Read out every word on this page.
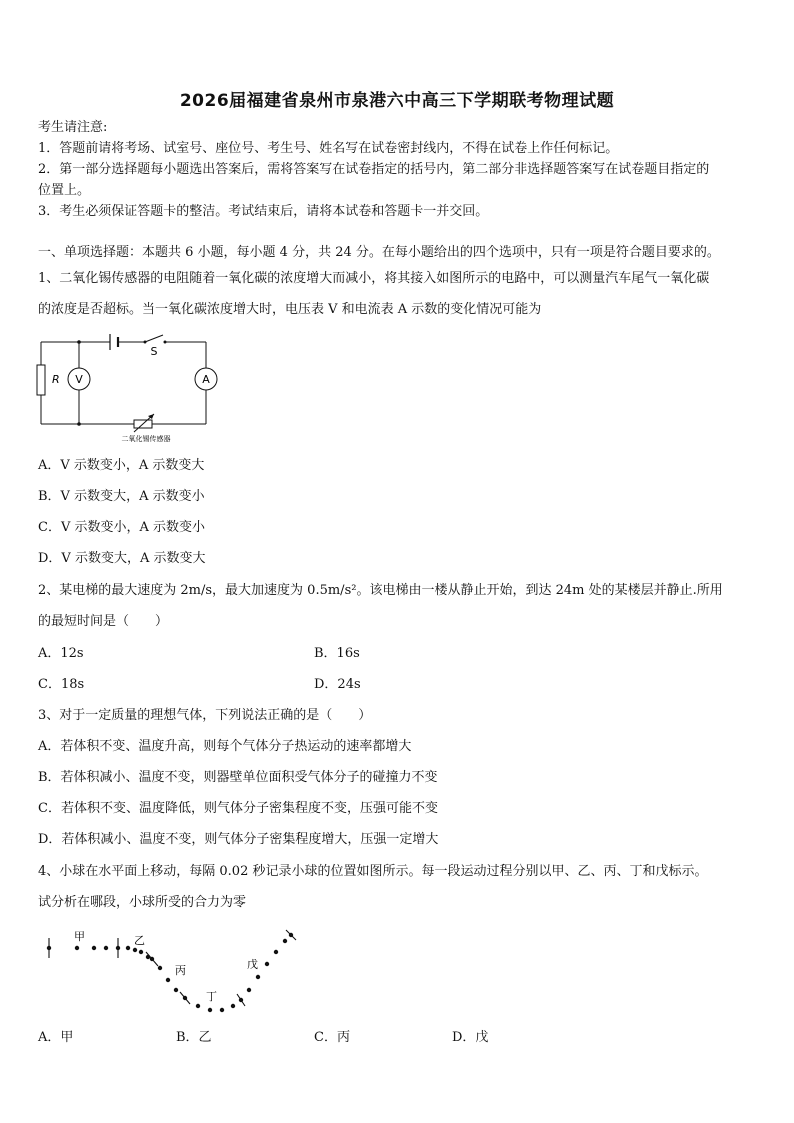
2026届福建省泉州市泉港六中高三下学期联考物理试题
考生请注意:
1．答题前请将考场、试室号、座位号、考生号、姓名写在试卷密封线内，不得在试卷上作任何标记。
2．第一部分选择题每小题选出答案后，需将答案写在试卷指定的括号内，第二部分非选择题答案写在试卷题目指定的
位置上。
3．考生必须保证答题卡的整洁。考试结束后，请将本试卷和答题卡一并交回。
一、单项选择题：本题共 6 小题，每小题 4 分，共 24 分。在每小题给出的四个选项中，只有一项是符合题目要求的。
1、二氧化锡传感器的电阻随着一氧化碳的浓度增大而减小，将其接入如图所示的电路中，可以测量汽车尾气一氧化碳
的浓度是否超标。当一氧化碳浓度增大时，电压表 V 和电流表 A 示数的变化情况可能为
V	A
S
R
二氧化锡传感器
A．V 示数变小，A 示数变大
B．V 示数变大，A 示数变小
C．V 示数变小，A 示数变小
D．V 示数变大，A 示数变大
2、某电梯的最大速度为 2m/s，最大加速度为 0.5m/s²。该电梯由一楼从静止开始，到达 24m 处的某楼层并静止.所用
的最短时间是（　　）
A．12s	B．16s
C．18s	D．24s
3、对于一定质量的理想气体，下列说法正确的是（　　）
A．若体积不变、温度升高，则每个气体分子热运动的速率都增大
B．若体积减小、温度不变，则器壁单位面积受气体分子的碰撞力不变
C．若体积不变、温度降低，则气体分子密集程度不变，压强可能不变
D．若体积减小、温度不变，则气体分子密集程度增大，压强一定增大
4、小球在水平面上移动，每隔 0.02 秒记录小球的位置如图所示。每一段运动过程分别以甲、乙、丙、丁和戊标示。
试分析在哪段，小球所受的合力为零
甲	乙
丙
丁
戊
A．甲	B．乙	C．丙	D．戊
